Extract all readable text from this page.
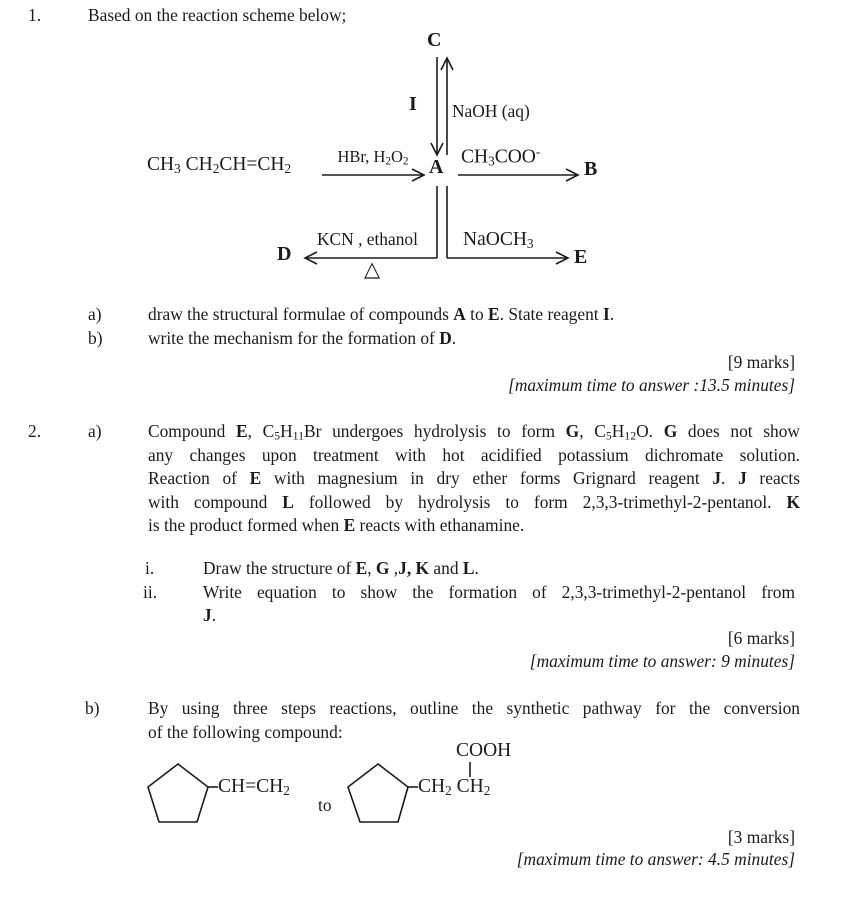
1.	Based on the reaction scheme below;
C
I NaOH (aq)
$CH_3$ $CH_2CH=CH_2$
HBr, $H_2O_2$	A $CH_3COO^-$
B
KCN , ethanol
△
D
NaOCH$_3$
E
a)	draw the structural formulae of compounds A to E. State reagent I.
b)	write the mechanism for the formation of D.
[9 marks]
[maximum time to answer :13.5 minutes]
2.	a)	Compound E, $C_5H_{11}Br$ undergoes hydrolysis to form G, $C_5H_{12}O$. G does not show
any changes upon treatment with hot acidified potassium dichromate solution.
Reaction of E with magnesium in dry ether forms Grignard reagent J. J reacts
with compound L followed by hydrolysis to form 2,3,3-trimethyl-2-pentanol. K
is the product formed when E reacts with ethanamine.
i.	Draw the structure of E, G ,J, K and L.
ii.	Write equation to show the formation of 2,3,3-trimethyl-2-pentanol from
J.
[6 marks]
[maximum time to answer: 9 minutes]
b)	By using three steps reactions, outline the synthetic pathway for the conversion
of the following compound:
$CH=CH_2$
to
$CH_2$ $CH_2$
COOH
[3 marks]
[maximum time to answer: 4.5 minutes]
